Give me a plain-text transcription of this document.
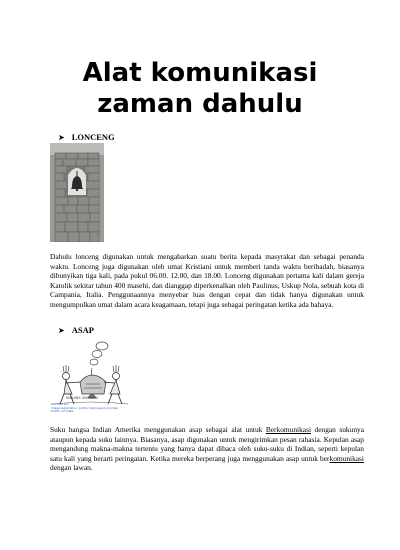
Alat komunikasi zaman dahulu
➤ LONCENG

Dahulu lonceng digunakan untuk mengabarkan suatu berita kepada masyrakat dan sebagai penanda waktu. Lonceng juga digunakan oleh umat Kristiani untuk memberi tanda waktu beribadah, biasanya dibunyikan tiga kali, pada pukul 06.00. 12.00, dan 18.00. Lonceng digunakan pertama kali dalam gereja Katolik sekitar tahun 400 masehi, dan dianggap diperkenalkan oleh Paulinus, Uskup Nola, sebuah kota di Campania, Italia. Penggunaannya menyebar luas dengan cepat dan tidak hanya digunakan untuk mengumpulkan umat dalam acara keagamaan, tetapi juga sebagai peringatan ketika ada bahaya.

➤ ASAP
INDIANS SMOKING
Member: 0.1
Image registration: profile cheimage11 member
Profile: Animate

Suku bangsa Indian Amerika menggunakan asap sebagai alat untuk Berkomunikasi dengan sukunya ataupun kepada suku lainnya. Biasanya, asap digunakan untuk mengirimkan pesan rahasia. Kepulan asap mengandung makna-makna tertentu yang hanya dapat dibaca oleh suku-suku di Indian, seperti kepulan satu kali yang berarti peringatan. Ketika mereka berperang juga menggunakan asap untuk berkomunikasi dengan lawan.
